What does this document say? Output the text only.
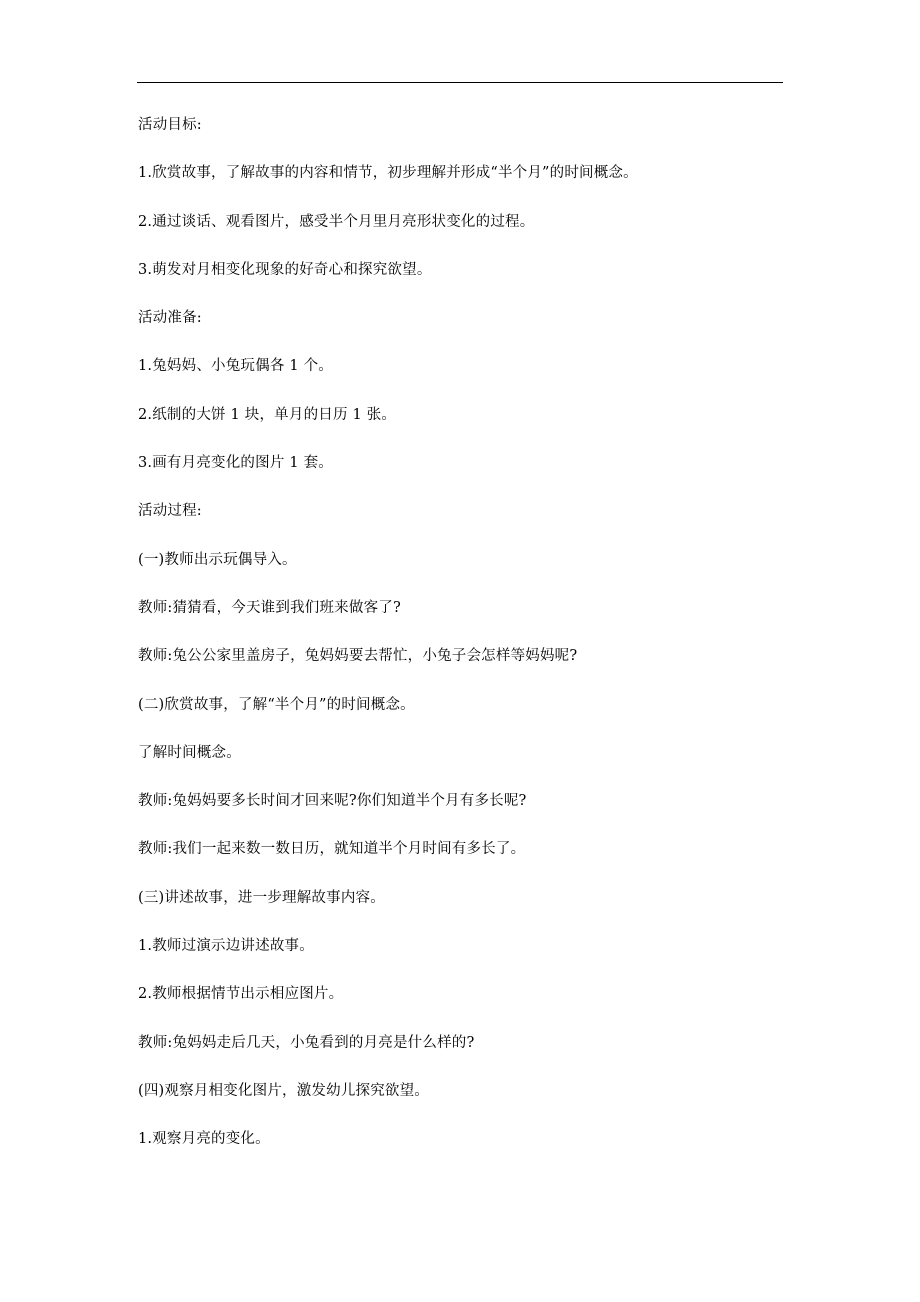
活动目标:
1.欣赏故事，了解故事的内容和情节，初步理解并形成“半个月”的时间概念。
2.通过谈话、观看图片，感受半个月里月亮形状变化的过程。
3.萌发对月相变化现象的好奇心和探究欲望。
活动准备:
1.兔妈妈、小兔玩偶各 1 个。
2.纸制的大饼 1 块，单月的日历 1 张。
3.画有月亮变化的图片 1 套。
活动过程:
(一)教师出示玩偶导入。
教师:猜猜看，今天谁到我们班来做客了?
教师:兔公公家里盖房子，兔妈妈要去帮忙，小兔子会怎样等妈妈呢?
(二)欣赏故事，了解“半个月”的时间概念。
了解时间概念。
教师:兔妈妈要多长时间才回来呢?你们知道半个月有多长呢?
教师:我们一起来数一数日历，就知道半个月时间有多长了。
(三)讲述故事，进一步理解故事内容。
1.教师过演示边讲述故事。
2.教师根据情节出示相应图片。
教师:兔妈妈走后几天，小兔看到的月亮是什么样的?
(四)观察月相变化图片，激发幼儿探究欲望。
1.观察月亮的变化。
